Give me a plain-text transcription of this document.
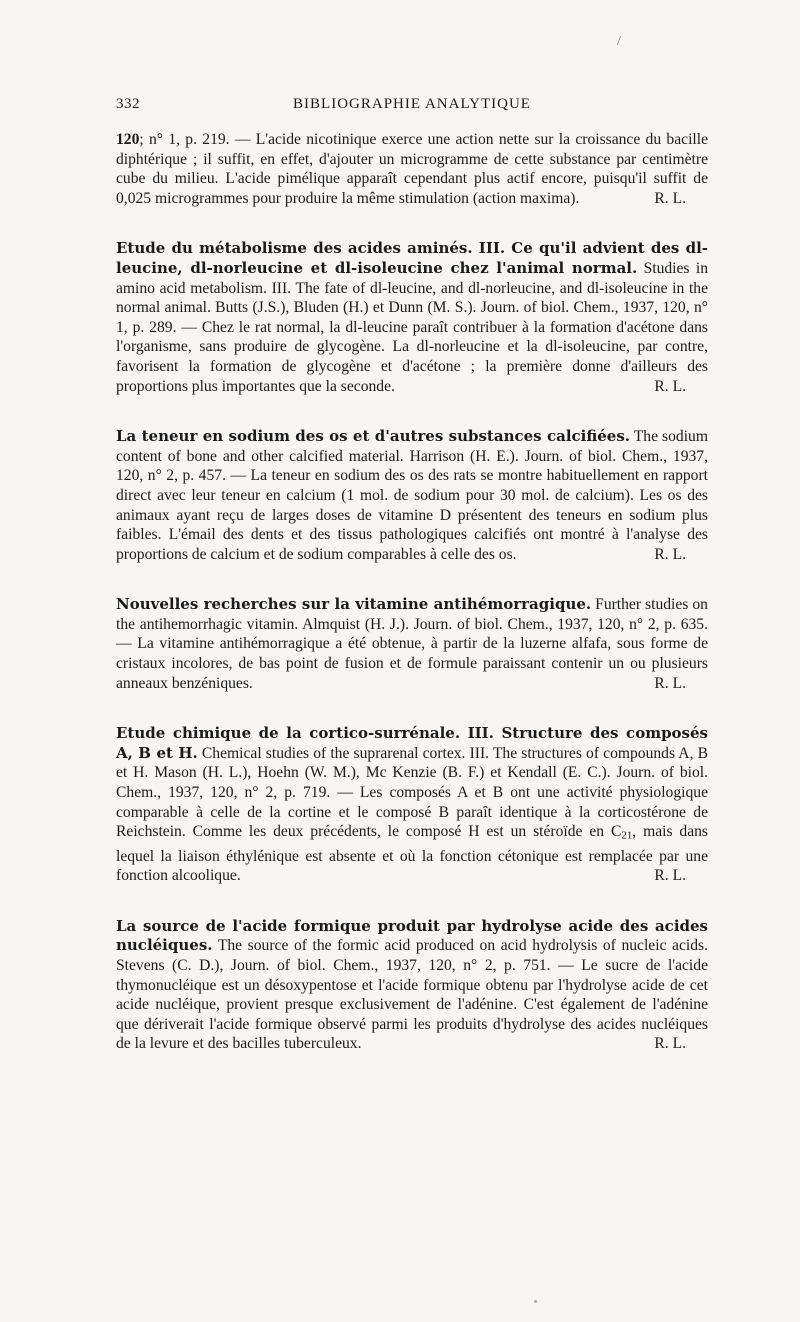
/
332	BIBLIOGRAPHIE ANALYTIQUE

120; n° 1, p. 219. — L'acide nicotinique exerce une action nette sur la croissance du bacille diphtérique ; il suffit, en effet, d'ajouter un microgramme de cette substance par centimètre cube du milieu. L'acide pimélique apparaît cependant plus actif encore, puisqu'il suffit de 0,025 microgrammes pour produire la même stimulation (action maxima).	R. L.

Etude du métabolisme des acides aminés. III. Ce qu'il advient des dl-leucine, dl-norleucine et dl-isoleucine chez l'animal normal. Studies in amino acid metabolism. III. The fate of dl-leucine, and dl-norleucine, and dl-isoleucine in the normal animal. Butts (J.S.), Bluden (H.) et Dunn (M. S.). Journ. of biol. Chem., 1937, 120, n° 1, p. 289. — Chez le rat normal, la dl-leucine paraît contribuer à la formation d'acétone dans l'organisme, sans produire de glycogène. La dl-norleucine et la dl-isoleucine, par contre, favorisent la formation de glycogène et d'acétone ; la première donne d'ailleurs des proportions plus importantes que la seconde.	R. L.

La teneur en sodium des os et d'autres substances calcifiées. The sodium content of bone and other calcified material. Harrison (H. E.). Journ. of biol. Chem., 1937, 120, n° 2, p. 457. — La teneur en sodium des os des rats se montre habituellement en rapport direct avec leur teneur en calcium (1 mol. de sodium pour 30 mol. de calcium). Les os des animaux ayant reçu de larges doses de vitamine D présentent des teneurs en sodium plus faibles. L'émail des dents et des tissus pathologiques calcifiés ont montré à l'analyse des proportions de calcium et de sodium comparables à celle des os.	R. L.

Nouvelles recherches sur la vitamine antihémorragique. Further studies on the antihemorrhagic vitamin. Almquist (H. J.). Journ. of biol. Chem., 1937, 120, n° 2, p. 635. — La vitamine antihémorragique a été obtenue, à partir de la luzerne alfafa, sous forme de cristaux incolores, de bas point de fusion et de formule paraissant contenir un ou plusieurs anneaux benzéniques.	R. L.

Etude chimique de la cortico-surrénale. III. Structure des composés A, B et H. Chemical studies of the suprarenal cortex. III. The structures of compounds A, B et H. Mason (H. L.), Hoehn (W. M.), Mc Kenzie (B. F.) et Kendall (E. C.). Journ. of biol. Chem., 1937, 120, n° 2, p. 719. — Les composés A et B ont une activité physiologique comparable à celle de la cortine et le composé B paraît identique à la corticostérone de Reichstein. Comme les deux précédents, le composé H est un stéroïde en $C_{21}$, mais dans lequel la liaison éthylénique est absente et où la fonction cétonique est remplacée par une fonction alcoolique.	R. L.

La source de l'acide formique produit par hydrolyse acide des acides nucléiques. The source of the formic acid produced on acid hydrolysis of nucleic acids. Stevens (C. D.), Journ. of biol. Chem., 1937, 120, n° 2, p. 751. — Le sucre de l'acide thymonucléique est un désoxypentose et l'acide formique obtenu par l'hydrolyse acide de cet acide nucléique, provient presque exclusivement de l'adénine. C'est également de l'adénine que dériverait l'acide formique observé parmi les produits d'hydrolyse des acides nucléiques de la levure et des bacilles tuberculeux.	R. L.
